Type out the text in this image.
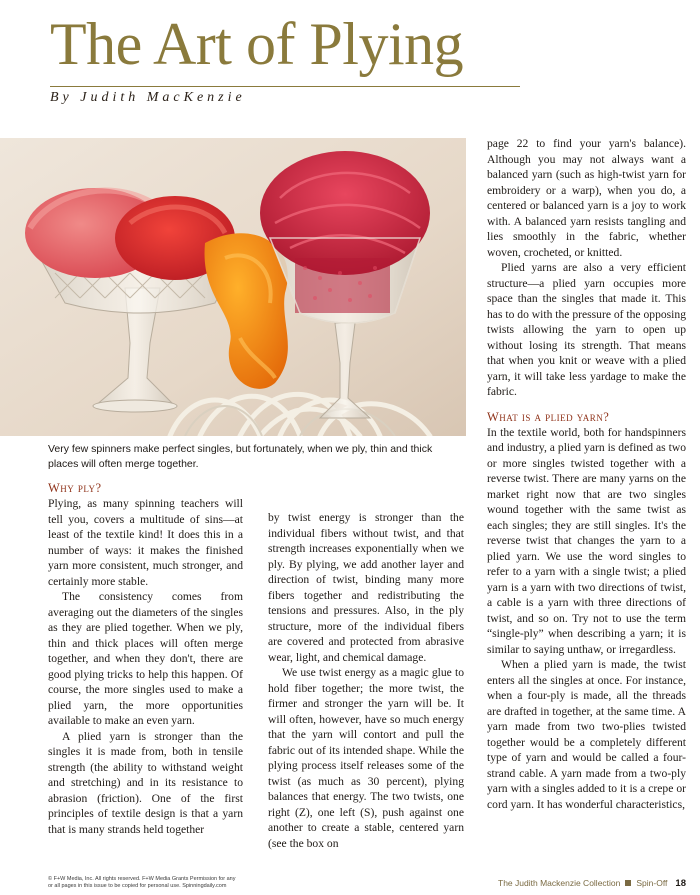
The Art of Plying

By Judith MacKenzie

Very few spinners make perfect singles, but fortunately, when we ply, thin and thick places will often merge together.

Why ply?

Plying, as many spinning teachers will tell you, covers a multitude of sins—at least of the textile kind! It does this in a number of ways: it makes the finished yarn more consistent, much stronger, and certainly more stable.

The consistency comes from averaging out the diameters of the singles as they are plied together. When we ply, thin and thick places will often merge together, and when they don't, there are good plying tricks to help this happen. Of course, the more singles used to make a plied yarn, the more opportunities available to make an even yarn.

A plied yarn is stronger than the singles it is made from, both in tensile strength (the ability to withstand weight and stretching) and in its resistance to abrasion (friction). One of the first principles of textile design is that a yarn that is many strands held together

by twist energy is stronger than the individual fibers without twist, and that strength increases exponentially when we ply. By plying, we add another layer and direction of twist, binding many more fibers together and redistributing the tensions and pressures. Also, in the ply structure, more of the individual fibers are covered and protected from abrasive wear, light, and chemical damage.

We use twist energy as a magic glue to hold fiber together; the more twist, the firmer and stronger the yarn will be. It will often, however, have so much energy that the yarn will contort and pull the fabric out of its intended shape. While the plying process itself releases some of the twist (as much as 30 percent), plying balances that energy. The two twists, one right (Z), one left (S), push against one another to create a stable, centered yarn (see the box on

page 22 to find your yarn's balance). Although you may not always want a balanced yarn (such as high-twist yarn for embroidery or a warp), when you do, a centered or balanced yarn is a joy to work with. A balanced yarn resists tangling and lies smoothly in the fabric, whether woven, crocheted, or knitted.

Plied yarns are also a very efficient structure—a plied yarn occupies more space than the singles that made it. This has to do with the pressure of the opposing twists allowing the yarn to open up without losing its strength. That means that when you knit or weave with a plied yarn, it will take less yardage to make the fabric.

What is a plied yarn?

In the textile world, both for handspinners and industry, a plied yarn is defined as two or more singles twisted together with a reverse twist. There are many yarns on the market right now that are two singles wound together with the same twist as each singles; they are still singles. It's the reverse twist that changes the yarn to a plied yarn. We use the word singles to refer to a yarn with a single twist; a plied yarn is a yarn with two directions of twist, a cable is a yarn with three directions of twist, and so on. Try not to use the term “single-ply” when describing a yarn; it is similar to saying unthaw, or irregardless.

When a plied yarn is made, the twist enters all the singles at once. For instance, when a four-ply is made, all the threads are drafted in together, at the same time. A yarn made from two two-plies twisted together would be a completely different type of yarn and would be called a four-strand cable. A yarn made from a two-ply yarn with a singles added to it is a crepe or cord yarn. It has wonderful characteristics,

© F+W Media, Inc. All rights reserved. F+W Media Grants Permission for any
or all pages in this issue to be copied for personal use. Spinningdaily.com	The Judith Mackenzie Collection Spin-Off 18
